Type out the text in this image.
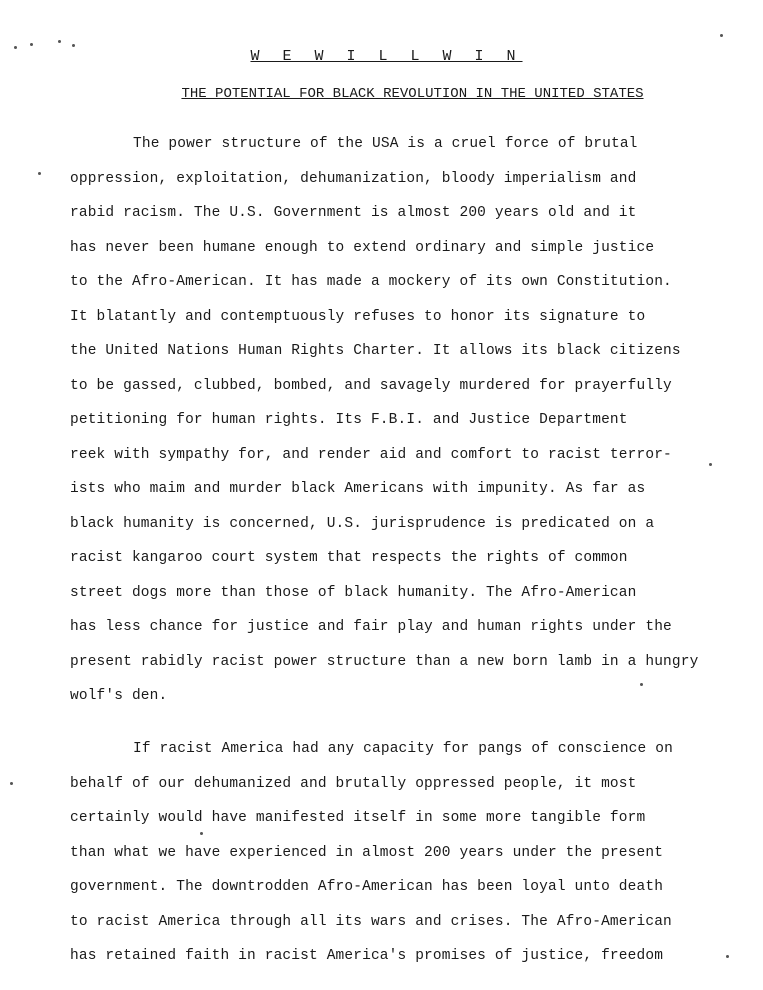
W E W I L L W I N
THE POTENTIAL FOR BLACK REVOLUTION IN THE UNITED STATES
The power structure of the USA is a cruel force of brutal
oppression, exploitation, dehumanization, bloody imperialism and
rabid racism. The U.S. Government is almost 200 years old and it
has never been humane enough to extend ordinary and simple justice
to the Afro-American. It has made a mockery of its own Constitution.
It blatantly and contemptuously refuses to honor its signature to
the United Nations Human Rights Charter. It allows its black citizens
to be gassed, clubbed, bombed, and savagely murdered for prayerfully
petitioning for human rights. Its F.B.I. and Justice Department
reek with sympathy for, and render aid and comfort to racist terror-
ists who maim and murder black Americans with impunity. As far as
black humanity is concerned, U.S. jurisprudence is predicated on a
racist kangaroo court system that respects the rights of common
street dogs more than those of black humanity. The Afro-American
has less chance for justice and fair play and human rights under the
present rabidly racist power structure than a new born lamb in a hungry
wolf's den.
If racist America had any capacity for pangs of conscience on
behalf of our dehumanized and brutally oppressed people, it most
certainly would have manifested itself in some more tangible form
than what we have experienced in almost 200 years under the present
government. The downtrodden Afro-American has been loyal unto death
to racist America through all its wars and crises. The Afro-American
has retained faith in racist America's promises of justice, freedom
